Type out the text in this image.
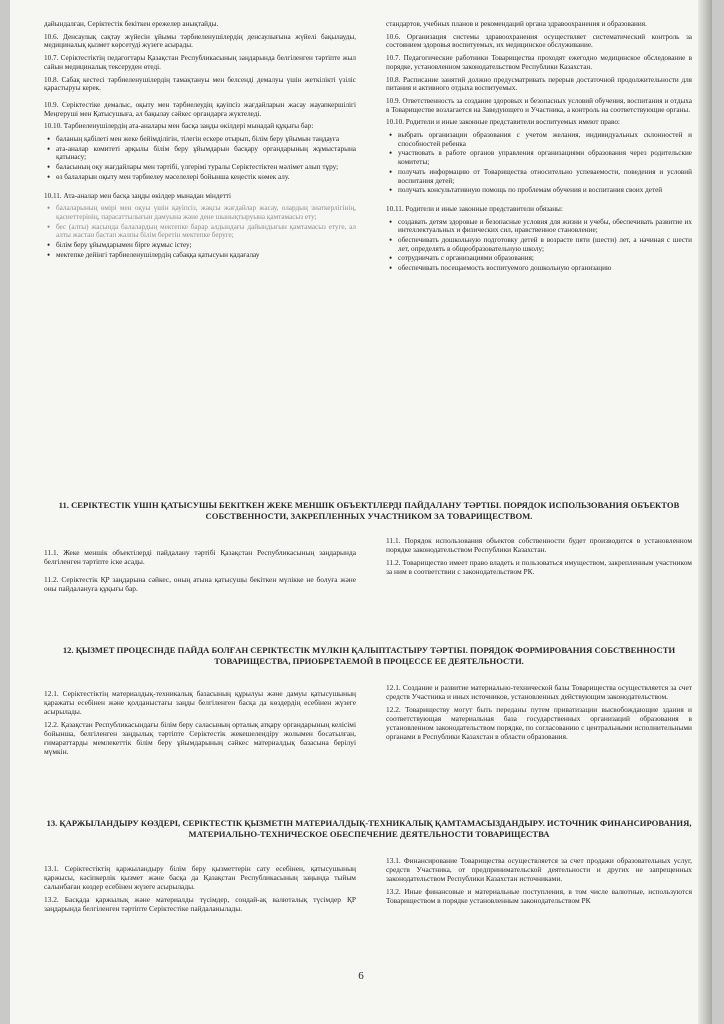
дайындалған, Серіктестік бекіткен ережелер анықтайды.

10.6. Денсаулық сақтау жүйесін ұйымы тәрбиеленушілердің денсаулығына жүйелі бақылауды, медициналық қызмет көрсетуді жүзеге асырады.

10.7. Серіктестіктің педагогтары Қазақстан Республикасының заңдарында белгіленген тәртіпте жыл сайын медициналық тексеруден өтеді.

10.8. Сабақ кестесі тәрбиеленушілердің тамақтануы мен белсенді демалуы үшін жеткілікті үзіліс қарастыруы керек.

10.9. Серіктестіке демалыс, оқыту мен тәрбиелеудің қауіпсіз жағдайларын жасау жауапкершілігі Меңгеруші мен Қатысушыға, ал бақылау сәйкес органдарға жүктеледі.

10.10. Тәрбиеленушілердің ата-аналары мен басқа заңды өкілдері мынадай құқығы бар:

• баланың қабілеті мен жеке бейімділігін, тілегін ескере отырып, білім беру ұйымын таңдауға
• ата-аналар комитеті арқылы білім беру ұйымдарын басқару органдарының жұмыстарына қатынасу;
• баласының оқу жағдайлары мен тәртібі, үлгерімі туралы Серіктестіктен мәлімет алып тұру;
• өз балаларын оқыту мен тәрбиелеу мәселелері бойынша кеңестік көмек алу.

10.11. Ата-аналар мен басқа заңды өкілдер мынадан міндетті

• балаларының өмірі мен оқуы үшін қауіпсіз, жақсы жағдайлар жасау, олардың зиаткерлігінің, қасиеттерінің, парасаттылығын дамуына және дене шынықтыруына қамтамасыз ету;
• бес (алты) жасында балалардың мектепке барар алдындағы дайындығын қамтамасыз етуге, ал алты жастан бастап жалпы білім беретін мектепке беруге;
• білім беру ұйымдарымен бірге жұмыс істеу;
• мектепке дейінгі тәрбиеленушілердің сабаққа қатысуын қадағалау

стандартов, учебных планов и рекомендаций органа здравоохранения и образования.

10.6. Организация системы здравоохранения осуществляет систематический контроль за состоянием здоровья воспитуемых, их медицинское обслуживание.

10.7. Педагогические работники Товарищества проходят ежегодно медицинское обследование в порядке, установленном законодательством Республики Казахстан.

10.8. Расписание занятий должно предусматривать перерыв достаточной продолжительности для питания и активного отдыха воспитуемых.

10.9. Ответственность за создание здоровых и безопасных условий обучения, воспитания и отдыха в Товариществе возлагается на Заведующего и Участника, а контроль на соответствующие органы.

10.10. Родители и иные законные представители воспитуемых имеют право:

• выбрать организации образования с учетом желания, индивидуальных склонностей и способностей ребенка
• участвовать в работе органов управления организациями образования через родительские комитеты;
• получать информацию от Товарищества относительно успеваемости, поведения и условий воспитания детей;
• получать консультативную помощь по проблемам обучения и воспитания своих детей

10.11. Родители и иные законные представители обязаны:

• создавать детям здоровые и безопасные условия для жизни и учебы, обеспечивать развитие их интеллектуальных и физических сил, нравственное становление;
• обеспечивать дошкольную подготовку детей в возрасте пяти (шести) лет, а начиная с шести лет, определять в общеобразовательную школу;
• сотрудничать с организациями образования;
• обеспечивать посещаемость воспитуемого дошкольную организацию
11. СЕРІКТЕСТІК ҮШІН ҚАТЫСУШЫ БЕКІТКЕН ЖЕКЕ МЕНШІК ОБЪЕКТІЛЕРДІ ПАЙДАЛАНУ ТӘРТІБІ. ПОРЯДОК ИСПОЛЬЗОВАНИЯ ОБЪЕКТОВ СОБСТВЕННОСТИ, ЗАКРЕПЛЕННЫХ УЧАСТНИКОМ ЗА ТОВАРИЩЕСТВОМ.

11.1. Жеке меншік объектілерді пайдалану тәртібі Қазақстан Республикасының заңдарында белгіленген тәртіпте іске асады.

11.2. Серіктестік ҚР заңдарына сәйкес, оның атына қатысушы бекіткен мүлікке не болуға және оны пайдалануға құқығы бар.

11.1. Порядок использования объектов собственности будет производится в установленном порядке законодательством Республики Казахстан.

11.2. Товарищество имеет право владеть и пользоваться имуществом, закрепленным участником за ним в соответствии с законодательством РК.

12. ҚЫЗМЕТ ПРОЦЕСІНДЕ ПАЙДА БОЛҒАН СЕРІКТЕСТІК МҮЛКІН ҚАЛЫПТАСТЫРУ ТӘРТІБІ. ПОРЯДОК ФОРМИРОВАНИЯ СОБСТВЕННОСТИ ТОВАРИЩЕСТВА, ПРИОБРЕТАЕМОЙ В ПРОЦЕССЕ ЕЕ ДЕЯТЕЛЬНОСТИ.

12.1. Серіктестіктің материалдық-техникалық базасының құрылуы және дамуы қатысушының қаражаты есебінен және қолданыстағы заңды белгіленген басқа да көздердің есебінен жүзеге асырылады.

12.2. Қазақстан Республикасындағы білім беру саласының орталық атқару органдарының келісімі бойынша, белгіленген заңдылық тәртіпте Серіктестік жекешелендіру жолымен босатылған, ғимараттарды мемлекеттік білім беру ұйымдарының сәйкес материалдық базасына берілуі мүмкін.

12.1. Создание и развитие материально-технической базы Товарищества осуществляется за счет средств Участника и иных источников, установленных действующим законодательством.

12.2. Товариществу могут быть переданы путем приватизации высвобождающие здания и соответствующая материальная база государственных организаций образования в установленном законодательством порядке, по согласованию с центральными исполнительными органами в Республики Казахстан в области образования.

13. ҚАРЖЫЛАНДЫРУ КӨЗДЕРІ, СЕРІКТЕСТІК ҚЫЗМЕТІН МАТЕРИАЛДЫҚ-ТЕХНИКАЛЫҚ ҚАМТАМАСЫЗДАНДЫРУ. ИСТОЧНИК ФИНАНСИРОВАНИЯ, МАТЕРИАЛЬНО-ТЕХНИЧЕСКОЕ ОБЕСПЕЧЕНИЕ ДЕЯТЕЛЬНОСТИ ТОВАРИЩЕСТВА

13.1. Серіктестіктің қаржыландыру білім беру қызметтерін сату есебінен, қатысушының қаржысы, кәсіпкерлік қызмет және басқа да Қазақстан Республикасының заңында тыйым салынбаған көздер есебінен жүзеге асырылады.

13.2. Басқада қаржылық және материалды түсімдер, сондай-ақ валюталық түсімдер ҚР заңдарында белгіленген тәртіпте Серіктестіке пайдаланылады.

13.1. Финансирование Товарищества осуществляется за счет продажи образовательных услуг, средств Участника, от предпринимательской деятельности и других не запрещенных законодательством Республики Казахстан источниками.

13.2. Иные финансовые и материальные поступления, в том числе валютные, используются Товариществом в порядке установленным законодательством РК

6
